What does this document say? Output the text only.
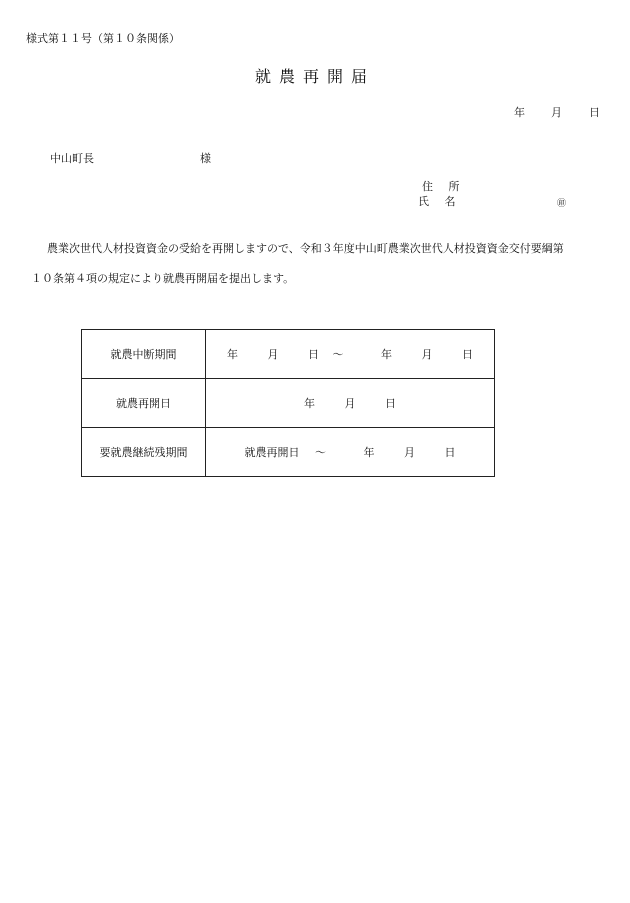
様式第１１号（第１０条関係）
就農再開届
年 月 日
中山町長	様
住 所
氏 名	㊞
農業次世代人材投資資金の受給を再開しますので、令和３年度中山町農業次世代人材投資資金交付要綱第
１０条第４項の規定により就農再開届を提出します。
就農中断期間	年 月 日 ～ 年 月 日
就農再開日	年 月 日
要就農継続残期間	就農再開日 ～ 年 月 日
